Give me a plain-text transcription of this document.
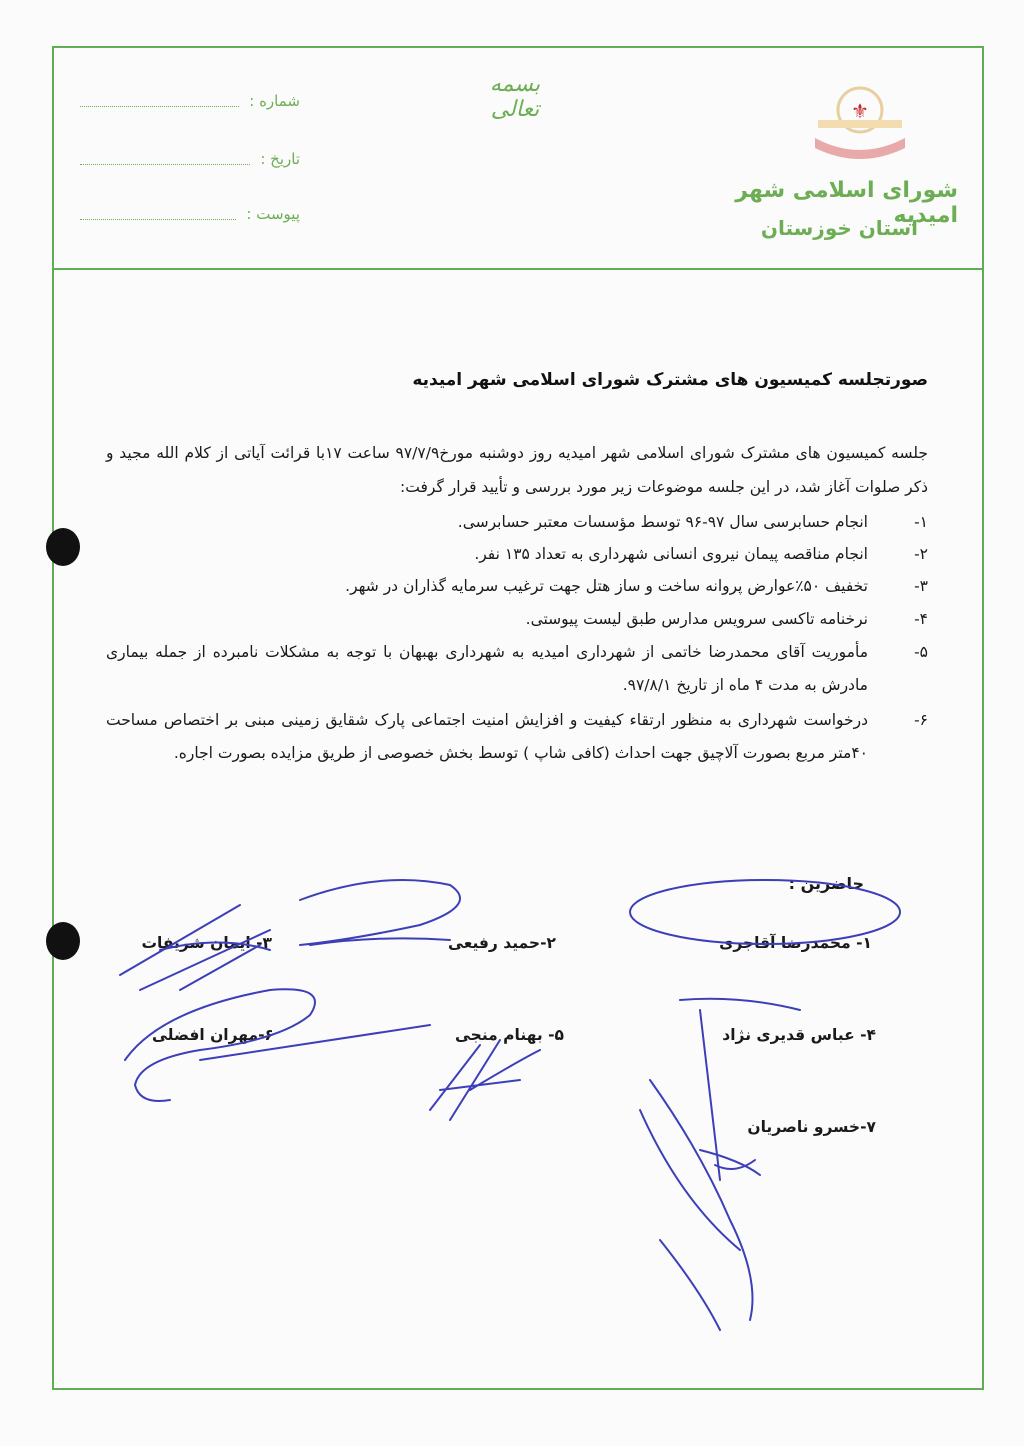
شماره :
تاریخ :
پیوست :
بسمه تعالی	⚜
شورای اسلامی شهر امیدیه
استان خوزستان
صورتجلسه کمیسیون های مشترک شورای اسلامی شهر امیدیه
جلسه کمیسیون های مشترک شورای اسلامی شهر امیدیه روز دوشنبه مورخ۹۷/۷/۹ ساعت ۱۷با قرائت آیاتی از کلام الله مجید و ذکر صلوات آغاز شد، در این جلسه موضوعات زیر مورد بررسی و تأیید قرار گرفت:
۱-
انجام حسابرسی سال ۹۷-۹۶ توسط مؤسسات معتبر حسابرسی.
۲-
انجام مناقصه پیمان نیروی انسانی شهرداری به تعداد ۱۳۵ نفر.
۳-
تخفیف ۵۰٪عوارض پروانه ساخت و ساز هتل جهت ترغیب سرمایه گذاران در شهر.
۴-
نرخنامه تاکسی سرویس مدارس طبق لیست پیوستی.
۵-
مأموریت آقای محمدرضا خاتمی از شهرداری امیدیه به شهرداری بهبهان با توجه به مشکلات نامبرده از جمله بیماری مادرش به مدت ۴ ماه از تاریخ ۹۷/۸/۱.
۶-
درخواست شهرداری به منظور ارتقاء کیفیت و افزایش امنیت اجتماعی پارک شقایق زمینی مبنی بر اختصاص مساحت ۴۰متر مربع بصورت آلاچیق جهت احداث (کافی شاپ ) توسط بخش خصوصی از طریق مزایده بصورت اجاره.
حاضرین :
۱- محمدرضا آقاجری
۲-حمید رفیعی
۳- ایمان شریفات
۴- عباس قدیری نژاد
۵- بهنام منجی
۶-مهران افضلی
۷-خسرو ناصریان
